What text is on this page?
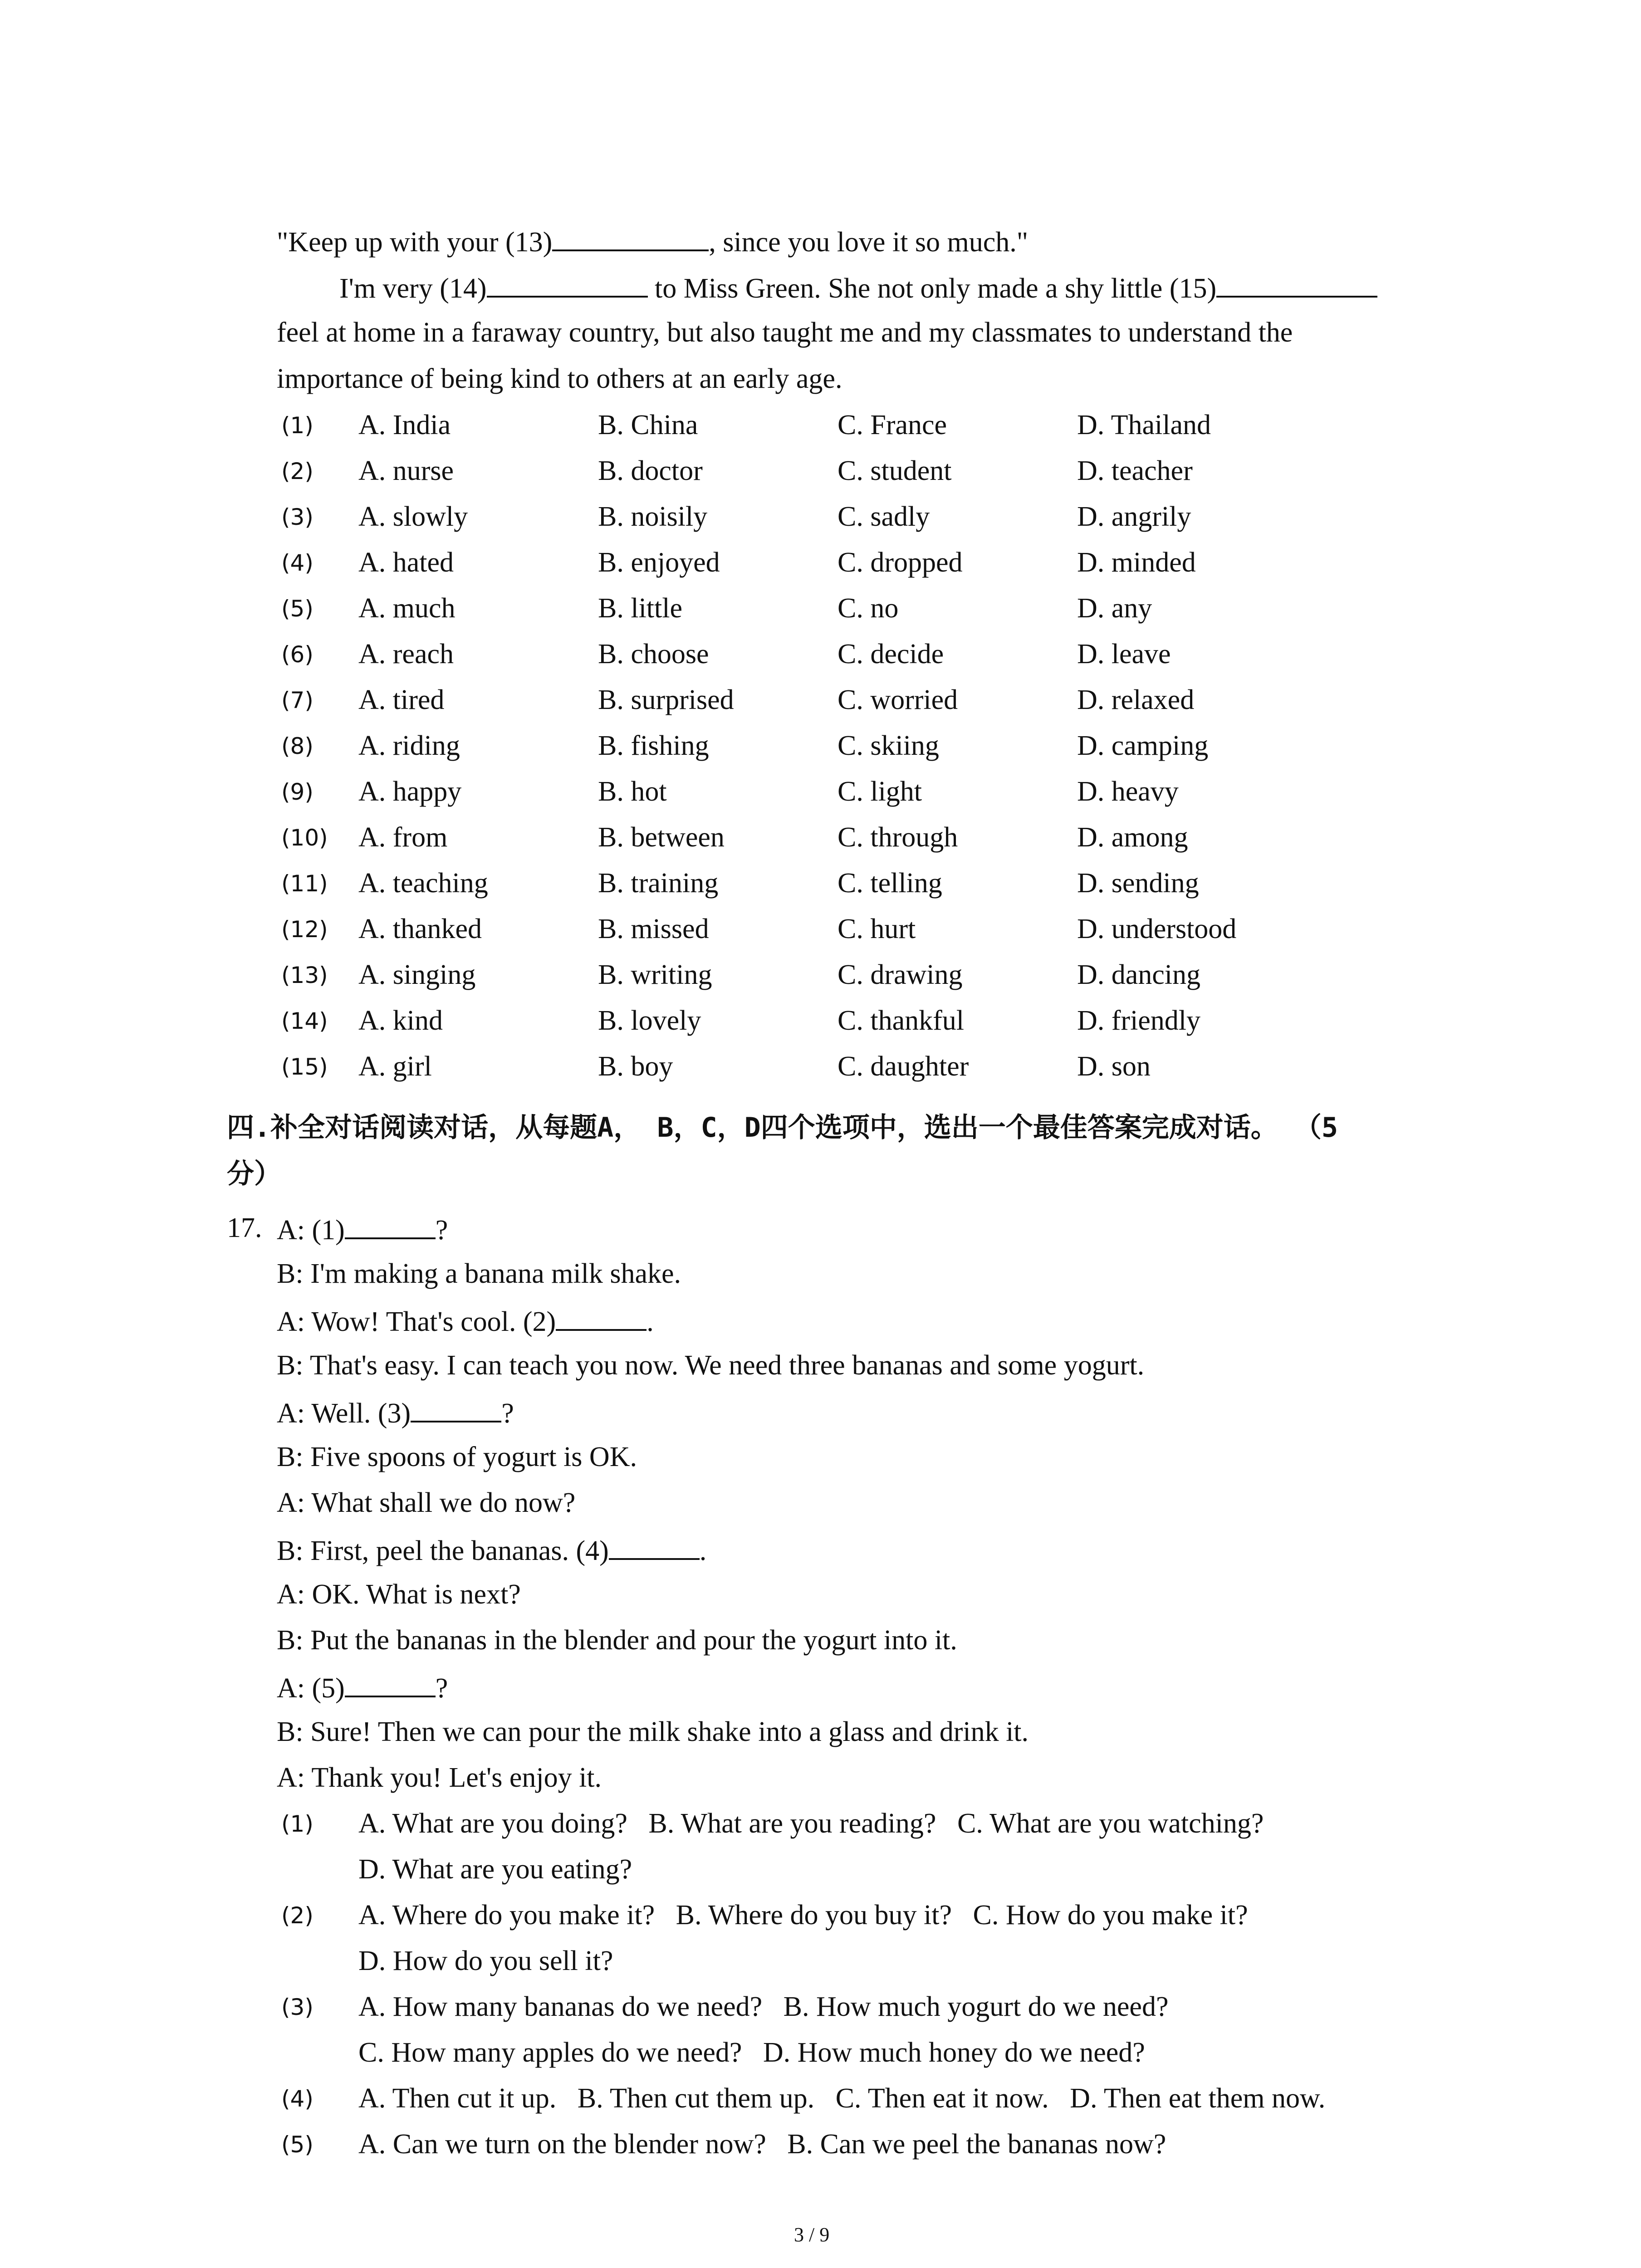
"Keep up with your (13)	, since you love it so much."
I'm very (14)	to Miss Green. She not only made a shy little (15)
feel at home in a faraway country, but also taught me and my classmates to understand the
importance of being kind to others at an early age.
(1) A. India	B. China	C. France	D. Thailand
(2) A. nurse	B. doctor	C. student	D. teacher
(3) A. slowly	B. noisily	C. sadly	D. angrily
(4) A. hated	B. enjoyed	C. dropped	D. minded
(5) A. much	B. little	C. no	D. any
(6) A. reach	B. choose	C. decide	D. leave
(7) A. tired	B. surprised	C. worried	D. relaxed
(8) A. riding	B. fishing	C. skiing	D. camping
(9) A. happy	B. hot	C. light	D. heavy
(10) A. from	B. between	C. through	D. among
(11) A. teaching	B. training	C. telling	D. sending
(12) A. thanked	B. missed	C. hurt	D. understood
(13) A. singing	B. writing	C. drawing	D. dancing
(14) A. kind	B. lovely	C. thankful	D. friendly
(15) A. girl	B. boy	C. daughter	D. son
四.补全对话阅读对话，从每题A， B，C，D四个选项中，选出一个最佳答案完成对话。 （5
分）
17. A: (1)	?
B: I'm making a banana milk shake.
A: Wow! That's cool. (2)	.
B: That's easy. I can teach you now. We need three bananas and some yogurt.
A: Well. (3)	?
B: Five spoons of yogurt is OK.
A: What shall we do now?
B: First, peel the bananas. (4)	.
A: OK. What is next?
B: Put the bananas in the blender and pour the yogurt into it.
A: (5)	?
B: Sure! Then we can pour the milk shake into a glass and drink it.
A: Thank you! Let's enjoy it.
(1) A. What are you doing?   B. What are you reading?   C. What are you watching?
D. What are you eating?
(2) A. Where do you make it?   B. Where do you buy it?   C. How do you make it?
D. How do you sell it?
(3) A. How many bananas do we need?   B. How much yogurt do we need?
C. How many apples do we need?   D. How much honey do we need?
(4) A. Then cut it up.   B. Then cut them up.   C. Then eat it now.   D. Then eat them now.
(5) A. Can we turn on the blender now?   B. Can we peel the bananas now?
3 / 9
